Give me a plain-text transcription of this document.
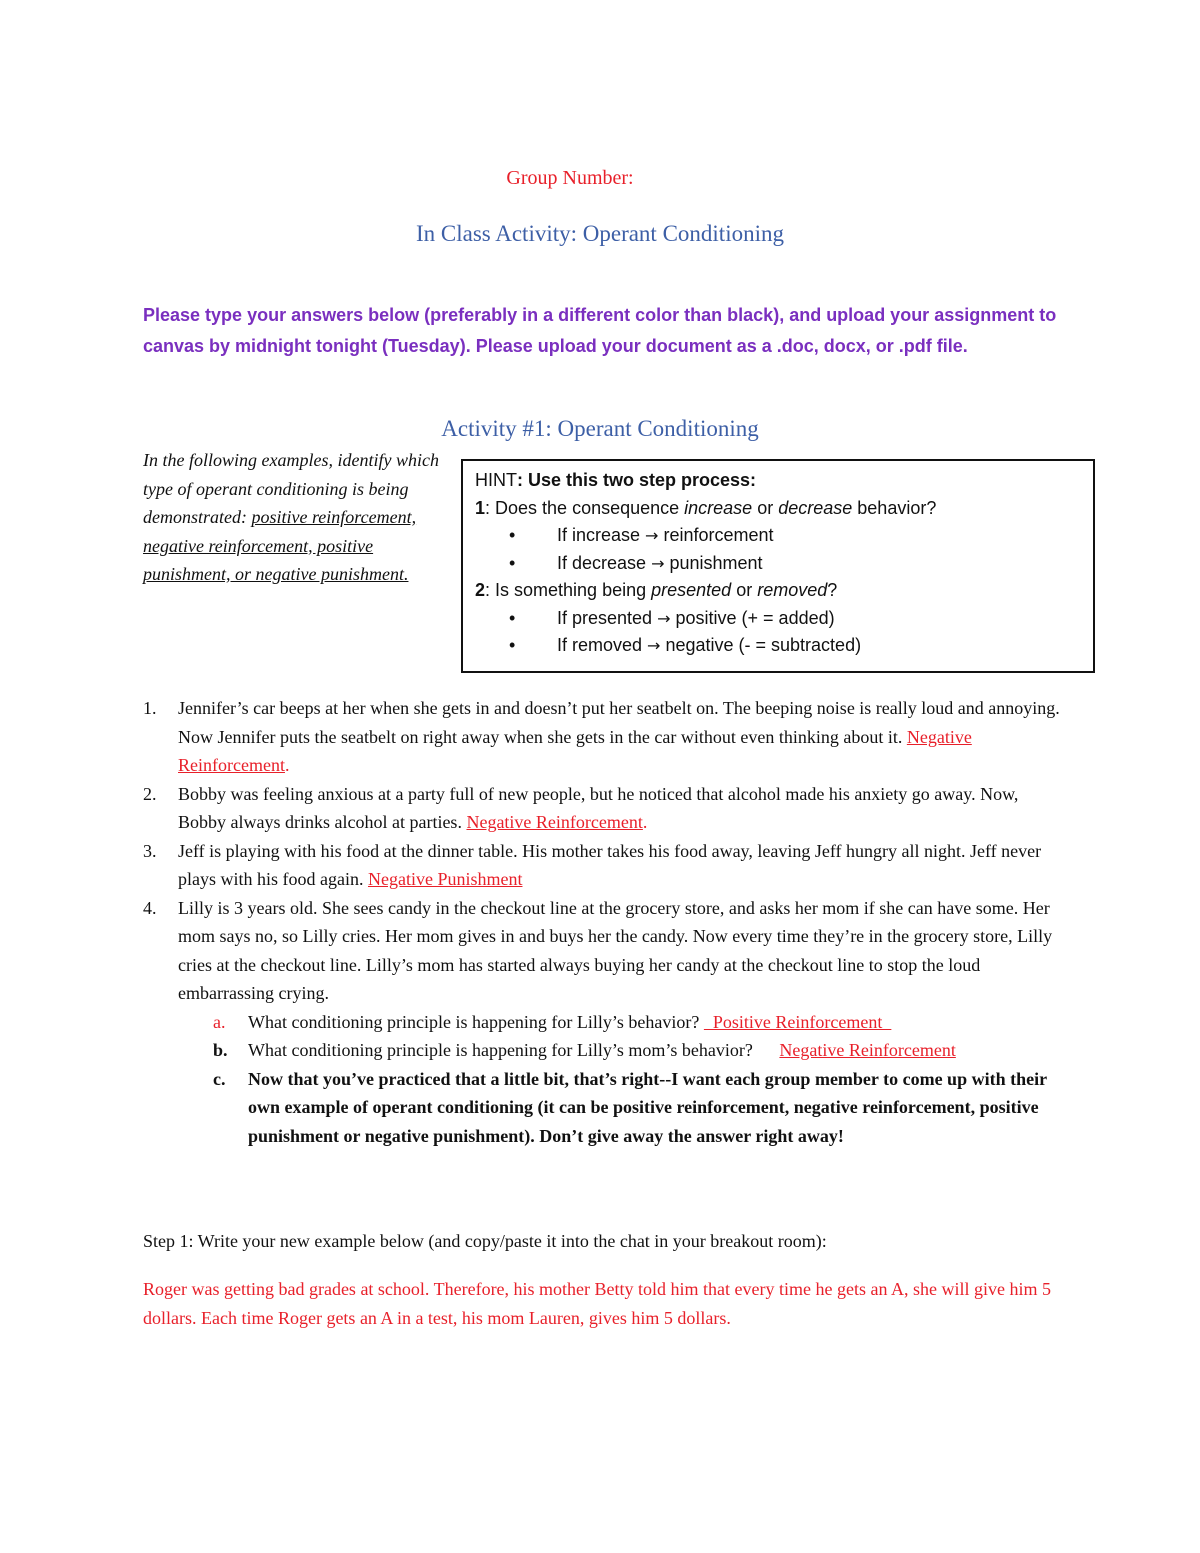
Group Number:
In Class Activity: Operant Conditioning
Please type your answers below (preferably in a different color than black), and upload your assignment to canvas by midnight tonight (Tuesday). Please upload your document as a .doc, docx, or .pdf file.
Activity #1: Operant Conditioning
In the following examples, identify which type of operant conditioning is being demonstrated: positive reinforcement, negative reinforcement, positive punishment, or negative punishment.
HINT: Use this two step process:
1: Does the consequence increase or decrease behavior?
• If increase → reinforcement
• If decrease → punishment
2: Is something being presented or removed?
• If presented → positive (+ = added)
• If removed → negative (- = subtracted)
1. Jennifer’s car beeps at her when she gets in and doesn’t put her seatbelt on. The beeping noise is really loud and annoying. Now Jennifer puts the seatbelt on right away when she gets in the car without even thinking about it. Negative Reinforcement.
2. Bobby was feeling anxious at a party full of new people, but he noticed that alcohol made his anxiety go away. Now, Bobby always drinks alcohol at parties. Negative Reinforcement.
3. Jeff is playing with his food at the dinner table. His mother takes his food away, leaving Jeff hungry all night. Jeff never plays with his food again. Negative Punishment
4. Lilly is 3 years old. She sees candy in the checkout line at the grocery store, and asks her mom if she can have some. Her mom says no, so Lilly cries. Her mom gives in and buys her the candy. Now every time they’re in the grocery store, Lilly cries at the checkout line. Lilly’s mom has started always buying her candy at the checkout line to stop the loud embarrassing crying.
a. What conditioning principle is happening for Lilly’s behavior?   Positive Reinforcement
b. What conditioning principle is happening for Lilly’s mom’s behavior? Negative Reinforcement
c. Now that you’ve practiced that a little bit, that’s right--I want each group member to come up with their own example of operant conditioning (it can be positive reinforcement, negative reinforcement, positive punishment or negative punishment). Don’t give away the answer right away!
Step 1: Write your new example below (and copy/paste it into the chat in your breakout room):
Roger was getting bad grades at school. Therefore, his mother Betty told him that every time he gets an A, she will give him 5 dollars. Each time Roger gets an A in a test, his mom Lauren, gives him 5 dollars.
